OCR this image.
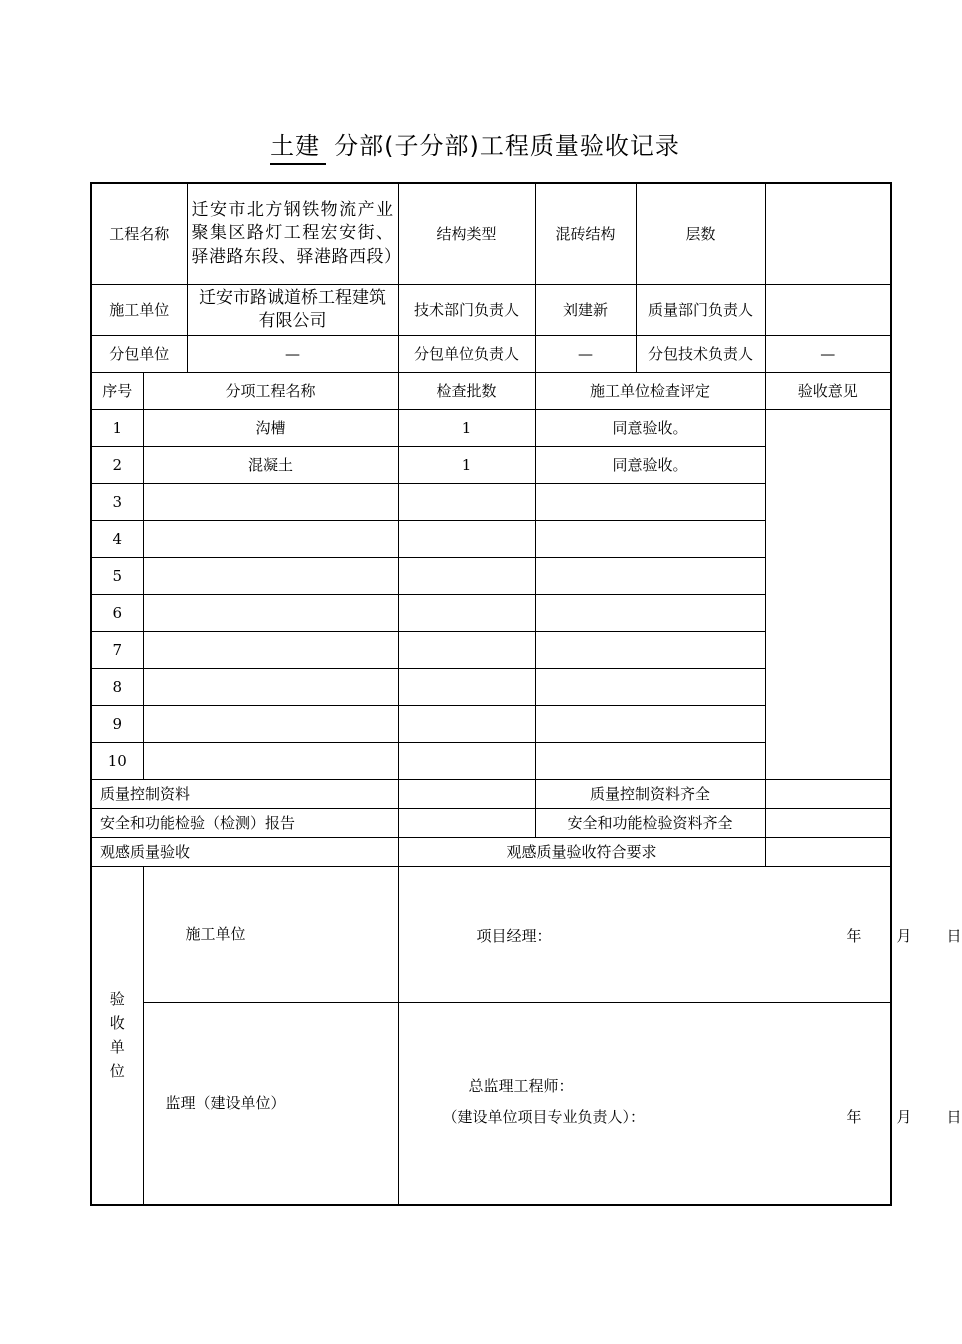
土建 分部(子分部)工程质量验收记录
工程名称		迁安市北方钢铁物流产业聚集区路灯工程宏安街、驿港路东段、驿港路西段）	结构类型	混砖结构	层数	
施工单位		迁安市路诚道桥工程建筑有限公司	技术部门负责人	刘建新	质量部门负责人	
分包单位		—	分包单位负责人	—	分包技术负责人	—
序号	分项工程名称		检查批数	施工单位检查评定		验收意见
1	沟槽		1	同意验收。		
2	混凝土		1	同意验收。		
3						
4						
5						
6						
7						
8						
9						
10						
质量控制资料				质量控制资料齐全		
安全和功能检验（检测）报告				安全和功能检验资料齐全		
观感质量验收			观感质量验收符合要求			
验收单位	施工单位		项目经理： 年 月 日			

	监理（建设单位）		总监理工程师：
（建设单位项目专业负责人）： 年 月 日			
